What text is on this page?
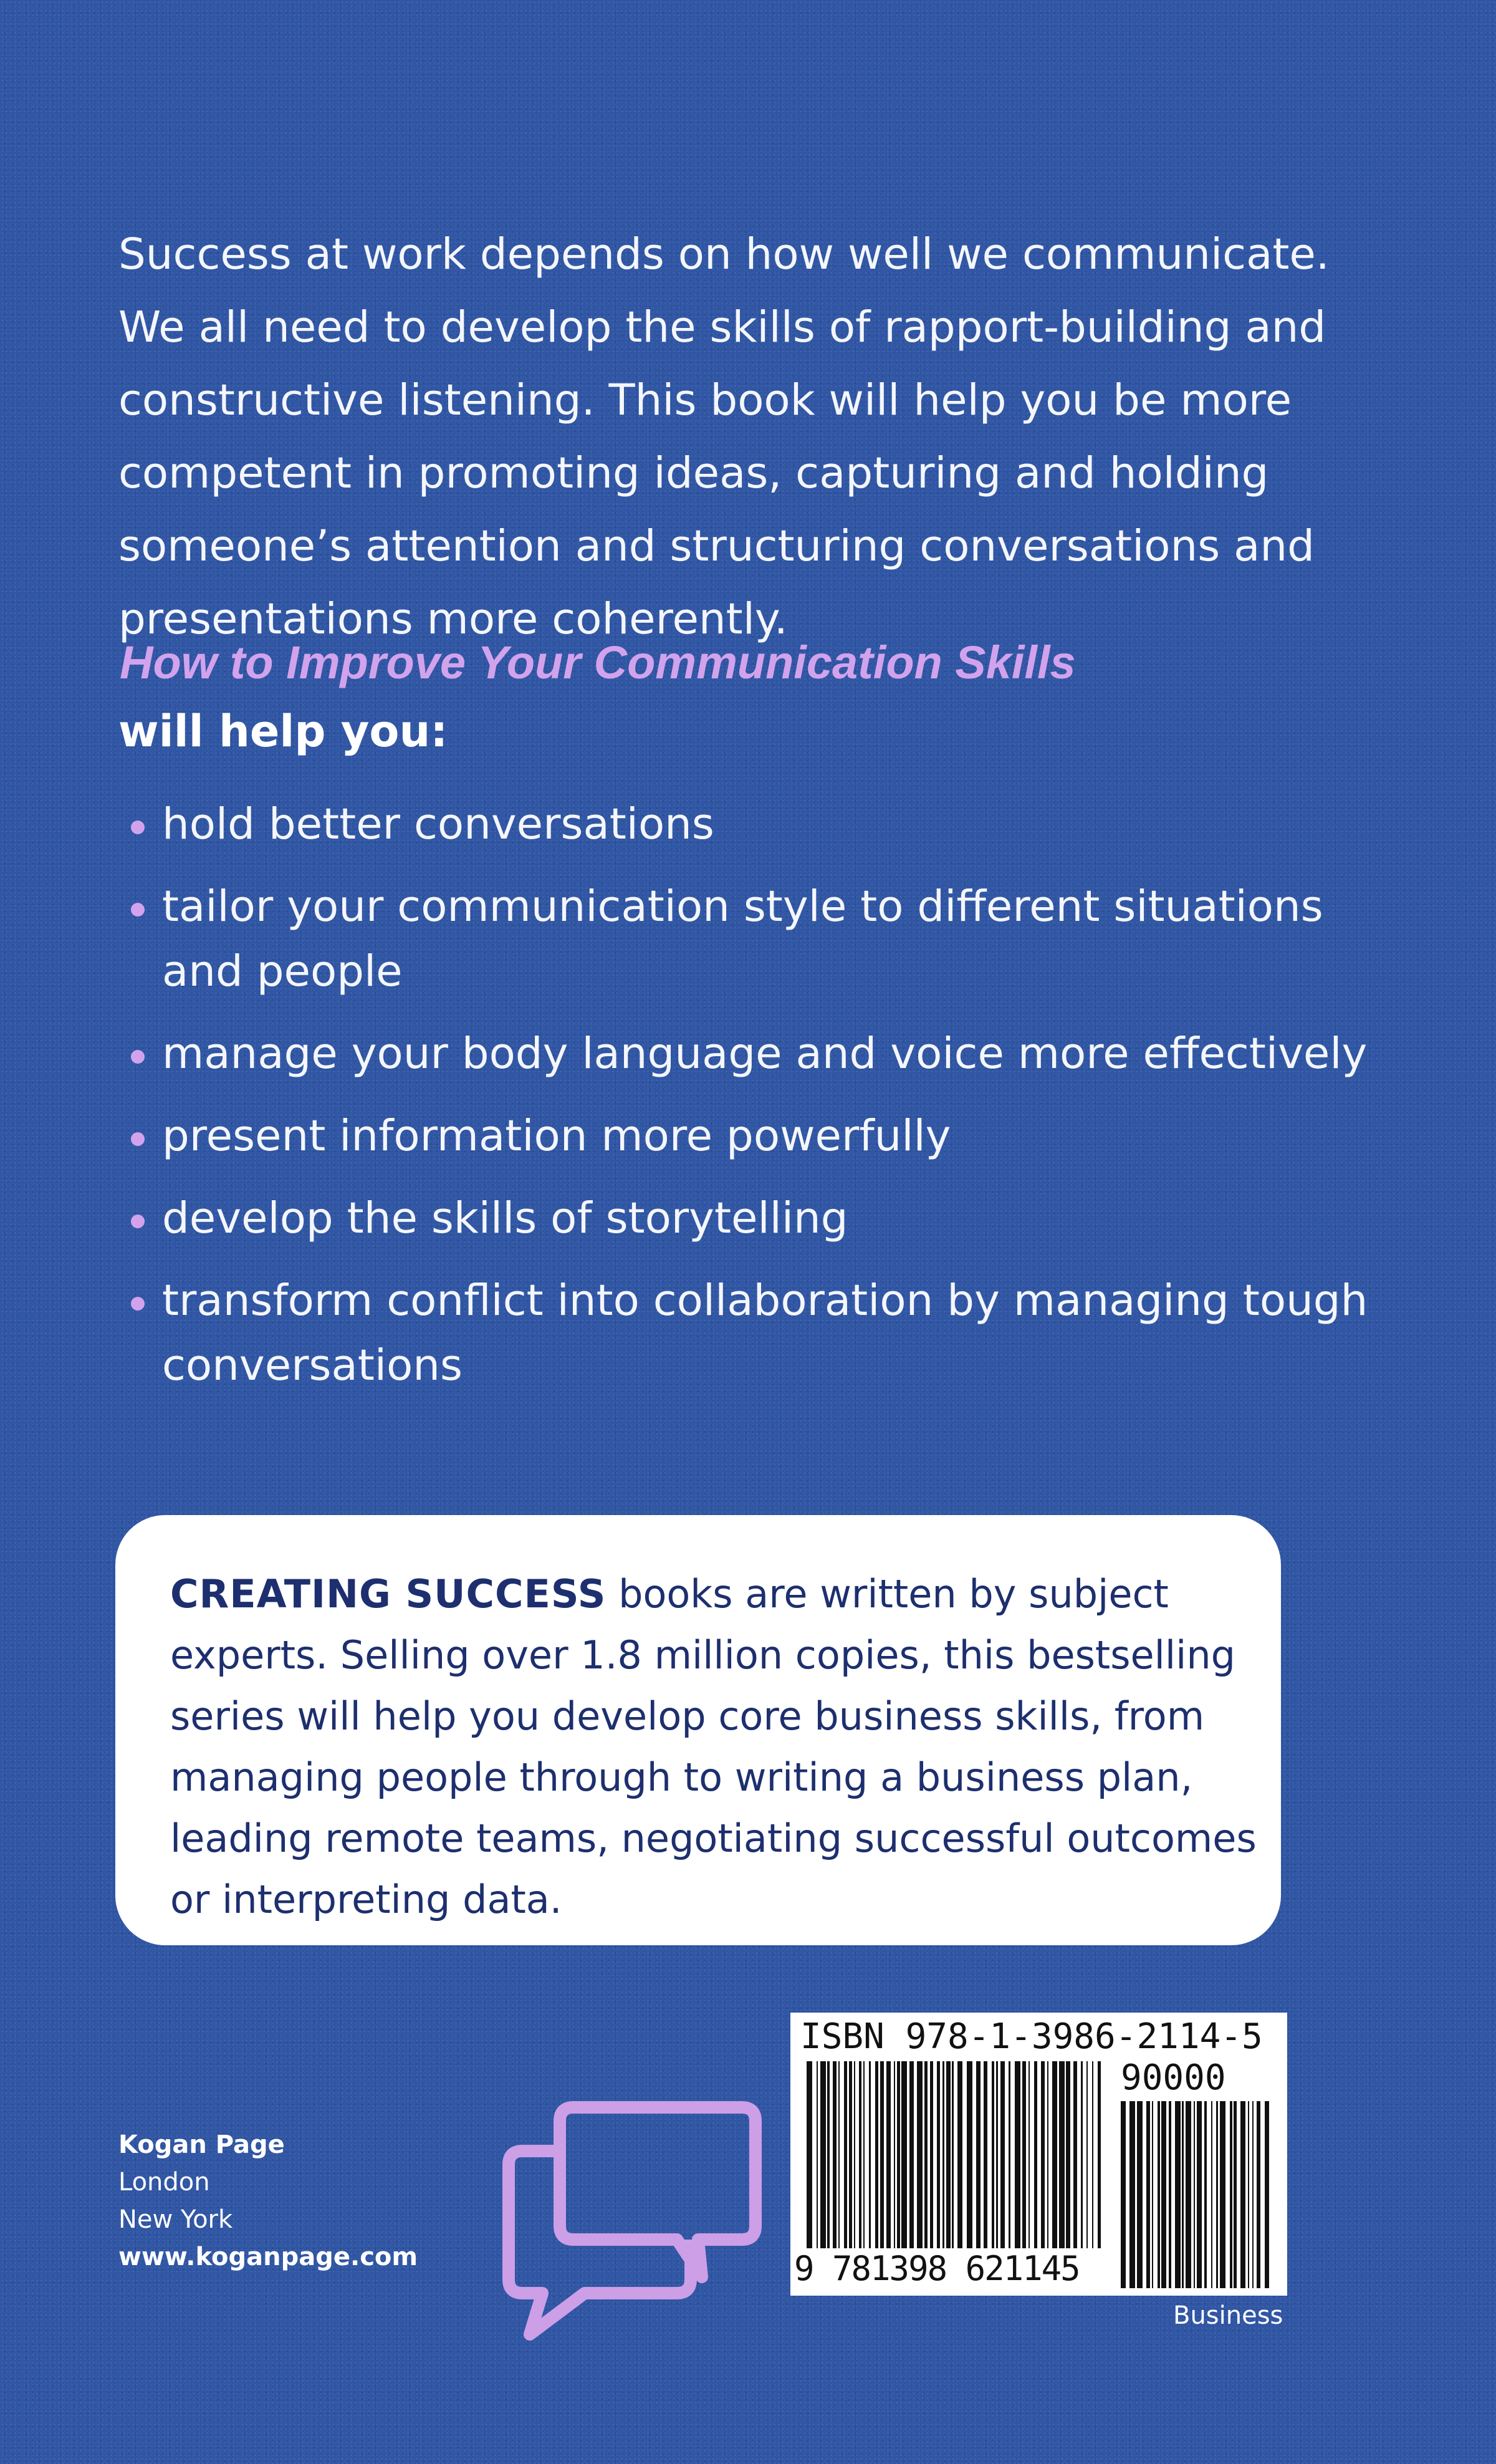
Success at work depends on how well we communicate. We all need to develop the skills of rapport-building and constructive listening. This book will help you be more competent in promoting ideas, capturing and holding someone’s attention and structuring conversations and presentations more coherently.

How to Improve Your Communication Skills
will help you:
hold better conversations
tailor your communication style to different situations and people
manage your body language and voice more effectively
present information more powerfully
develop the skills of storytelling
transform conflict into collaboration by managing tough conversations

CREATING SUCCESS books are written by subject experts. Selling over 1.8 million copies, this bestselling series will help you develop core business skills, from managing people through to writing a business plan, leading remote teams, negotiating successful outcomes or interpreting data.

Kogan Page
London
New York
www.koganpage.com
ISBN 978-1-3986-2114-5
90000
9 781398 621145
Business
